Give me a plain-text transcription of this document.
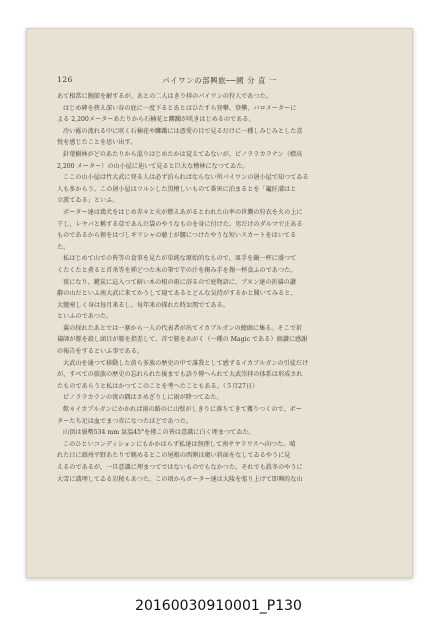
126	パイワンの部興旅──國 分 直 一

あて相當に腕節を解するが、あとの二人はきり拝のパイワンの狩人であつた。

はじめ碑を挟え深い谷の底に一度下るとあとはひたすら登攀、登攀、バロメーターに

よる 2,200メーターあたりから石楠花と躑躅が咲きはじめるのである。

冷い霧の流れる中に咲く石楠花や躑躅には憑愛の目で見るだけに一種しみじみとした喜

悦を感じたことを思い出す。

針葉樹林がどのあたりから混りはじめたかは覚えてゐないが、ピノララカラナン（標高

2,200 メーター）の山小屋に辿いて見ると巨大な檜林になつてゐた。

ここの山小屋は竹大武に登る人は必ず泊らればならない所パイワンの屠小屋で知つてゐる

人も多からう。この屠小屋はツルシした黒檜しいものて番害に泊まるとを「竃匠溝はと

立派てゐる」といふ。

ボーター達は鶏犬をはじめ赤々と火が燃えあがるとわれた山率の世襲の狩衣を火の上に

干し、レヤバと稱する草であんだ袋のやうなものを身に付けた。男だけのダルマで正ある

ものであるから揮をはづしギリシャの聴士が腰につけたやうな短いスカートをはいてる

た。

私はじめて山での皆等の食事を見たが単純な原始的なもので、皿手を鍋一杯に盛つて

くたくたと煮ると首杀等を挿どつた木の筆で芋の汁を掬み手を掬一杯食ふのであつた。

夜になり、鍵炭に這入つて暗い木の根の雨に浴るので庭物語に、ブヌン達の祈禱の讃

辭の山だといふ南大武に来てかうして寝てあるとどんな気持がするかと聞いてみると、

大變寒しく身は毎月来るし、毎年来の探れた時お関でてある。

といふのであつた。

翼の採れたあとでは一寨から一人の代表者が出てイカブルガンの總頭に集る。そこで祈

禱師が豚を殺し頭目が豚を指差して、首で豚をあがく（一種の Magic である）頭讃に感謝

の報告をするといふ事である。

大武山を通つて移動した黄ら多族の歴史の中で誰我として感ずるイカブルガンの引徒だけ

が、すべての旅族の歴史の忘れられた後までも語り傳へられて大武崇拝の体系は形成され

たものであらうと私はかつてこのことを考へたこともある。（５月27日）

ピノララカランの夜の隅はさめざりしに雨が降つてゐた。

飲々イカブルガンにかかれば雨の路のに山壁がしきりに落ちてきて獲りつくので、ボー

ターたち足は血でまつ赤になつたほどであつた。

山頂は嶺勢534 mm 氣温45°を僅この皆は意識に白く埋まつてゐた。

このひといコンディションにもかかはらず私達は無理して南サヤラワスへ向つた。晴

れた日に頭州平野あたりで眺めるとこの尾根の西側は廣い斜面をなしてゐるやうに見

えるのであるが、一旦意識に埋まつてではないものでもなかつた。それでも眞冬のやうに

大雪に溝埋してゐる岩稜もあつた。この頃からボーター達は大陵を張り上げて即興的な山

20160030910001_P130
